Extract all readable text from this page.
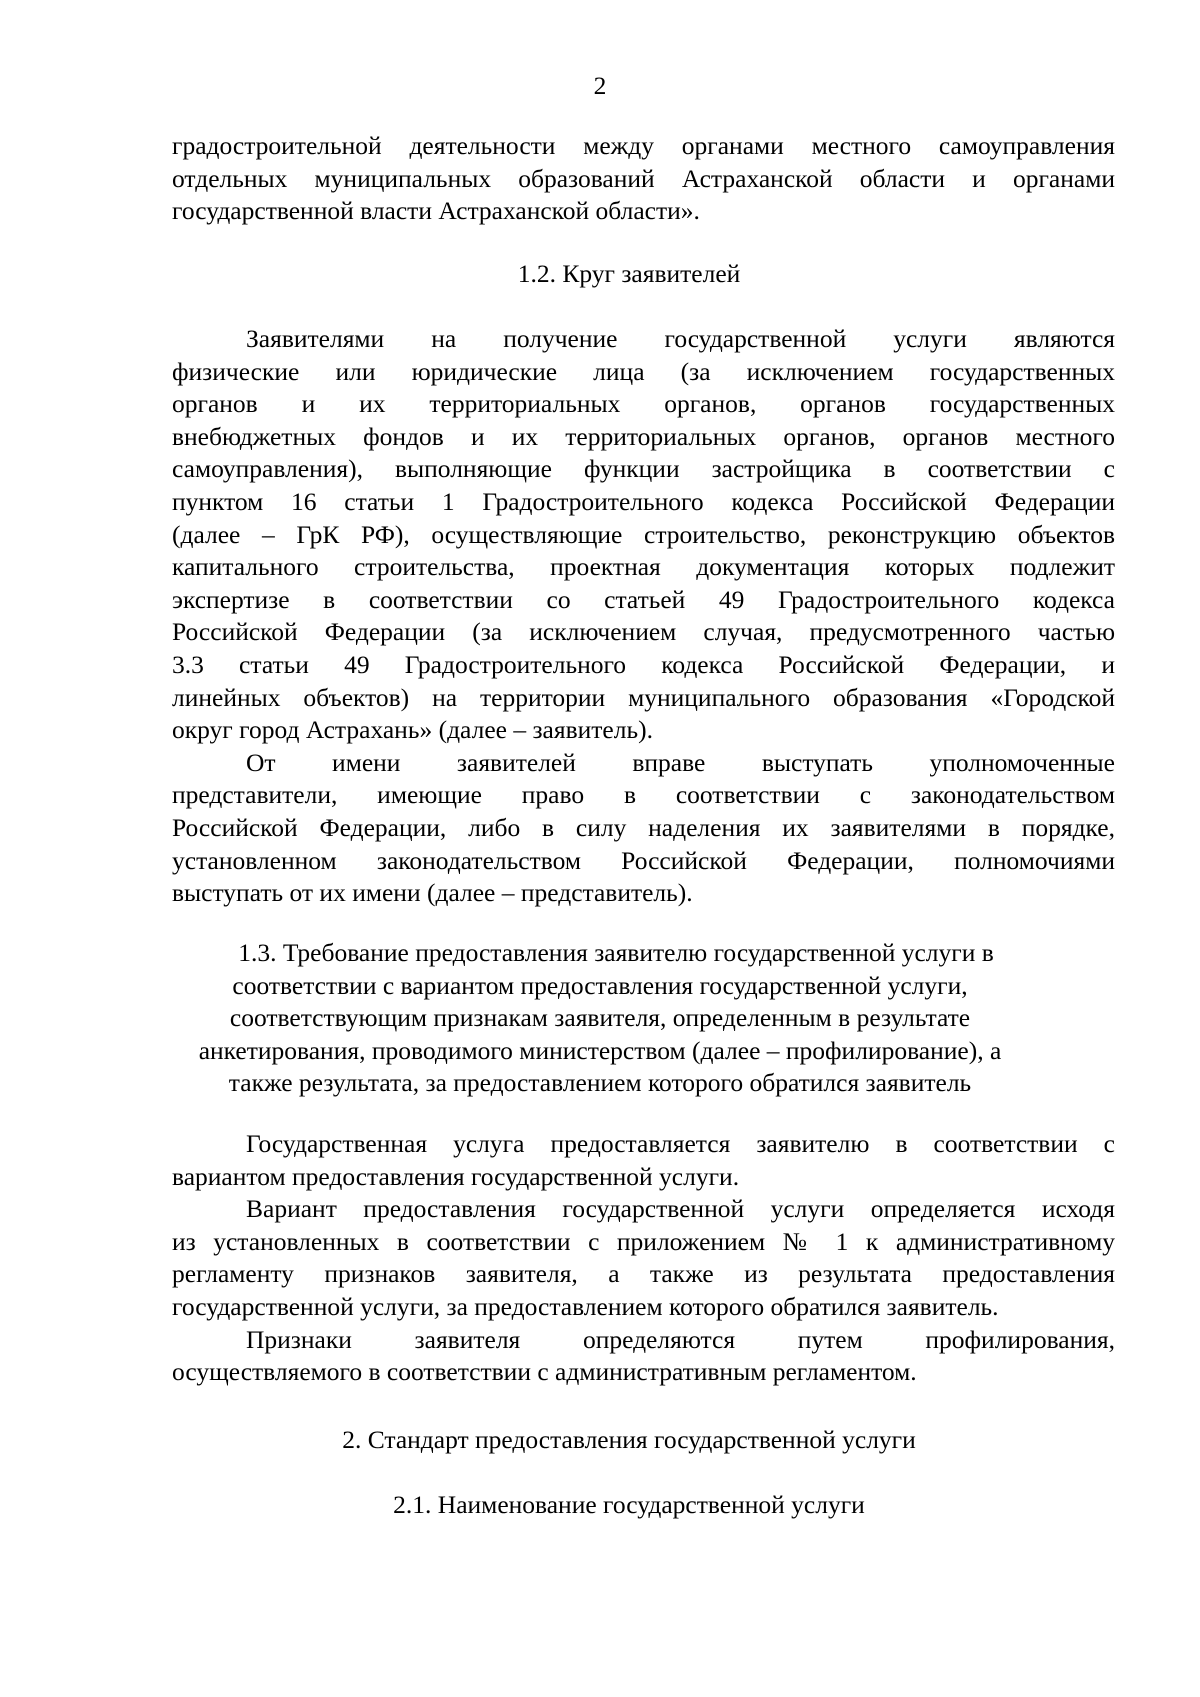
2
градостроительной деятельности между органами местного самоуправления
отдельных муниципальных образований Астраханской области и органами
государственной власти Астраханской области».
1.2. Круг заявителей
Заявителями на получение государственной услуги являются
физические или юридические лица (за исключением государственных
органов и их территориальных органов, органов государственных
внебюджетных фондов и их территориальных органов, органов местного
самоуправления), выполняющие функции застройщика в соответствии с
пунктом 16 статьи 1 Градостроительного кодекса Российской Федерации
(далее – ГрК РФ), осуществляющие строительство, реконструкцию объектов
капитального строительства, проектная документация которых подлежит
экспертизе в соответствии со статьей 49 Градостроительного кодекса
Российской Федерации (за исключением случая, предусмотренного частью
3.3 статьи 49 Градостроительного кодекса Российской Федерации, и
линейных объектов) на территории муниципального образования «Городской
округ город Астрахань» (далее – заявитель).
От имени заявителей вправе выступать уполномоченные
представители, имеющие право в соответствии с законодательством
Российской Федерации, либо в силу наделения их заявителями в порядке,
установленном законодательством Российской Федерации, полномочиями
выступать от их имени (далее – представитель).
1.3. Требование предоставления заявителю государственной услуги в
соответствии с вариантом предоставления государственной услуги,
соответствующим признакам заявителя, определенным в результате
анкетирования, проводимого министерством (далее – профилирование), а
также результата, за предоставлением которого обратился заявитель
Государственная услуга предоставляется заявителю в соответствии с
вариантом предоставления государственной услуги.
Вариант предоставления государственной услуги определяется исходя
из установленных в соответствии с приложением № 1 к административному
регламенту признаков заявителя, а также из результата предоставления
государственной услуги, за предоставлением которого обратился заявитель.
Признаки заявителя определяются путем профилирования,
осуществляемого в соответствии с административным регламентом.
2. Стандарт предоставления государственной услуги
2.1. Наименование государственной услуги
